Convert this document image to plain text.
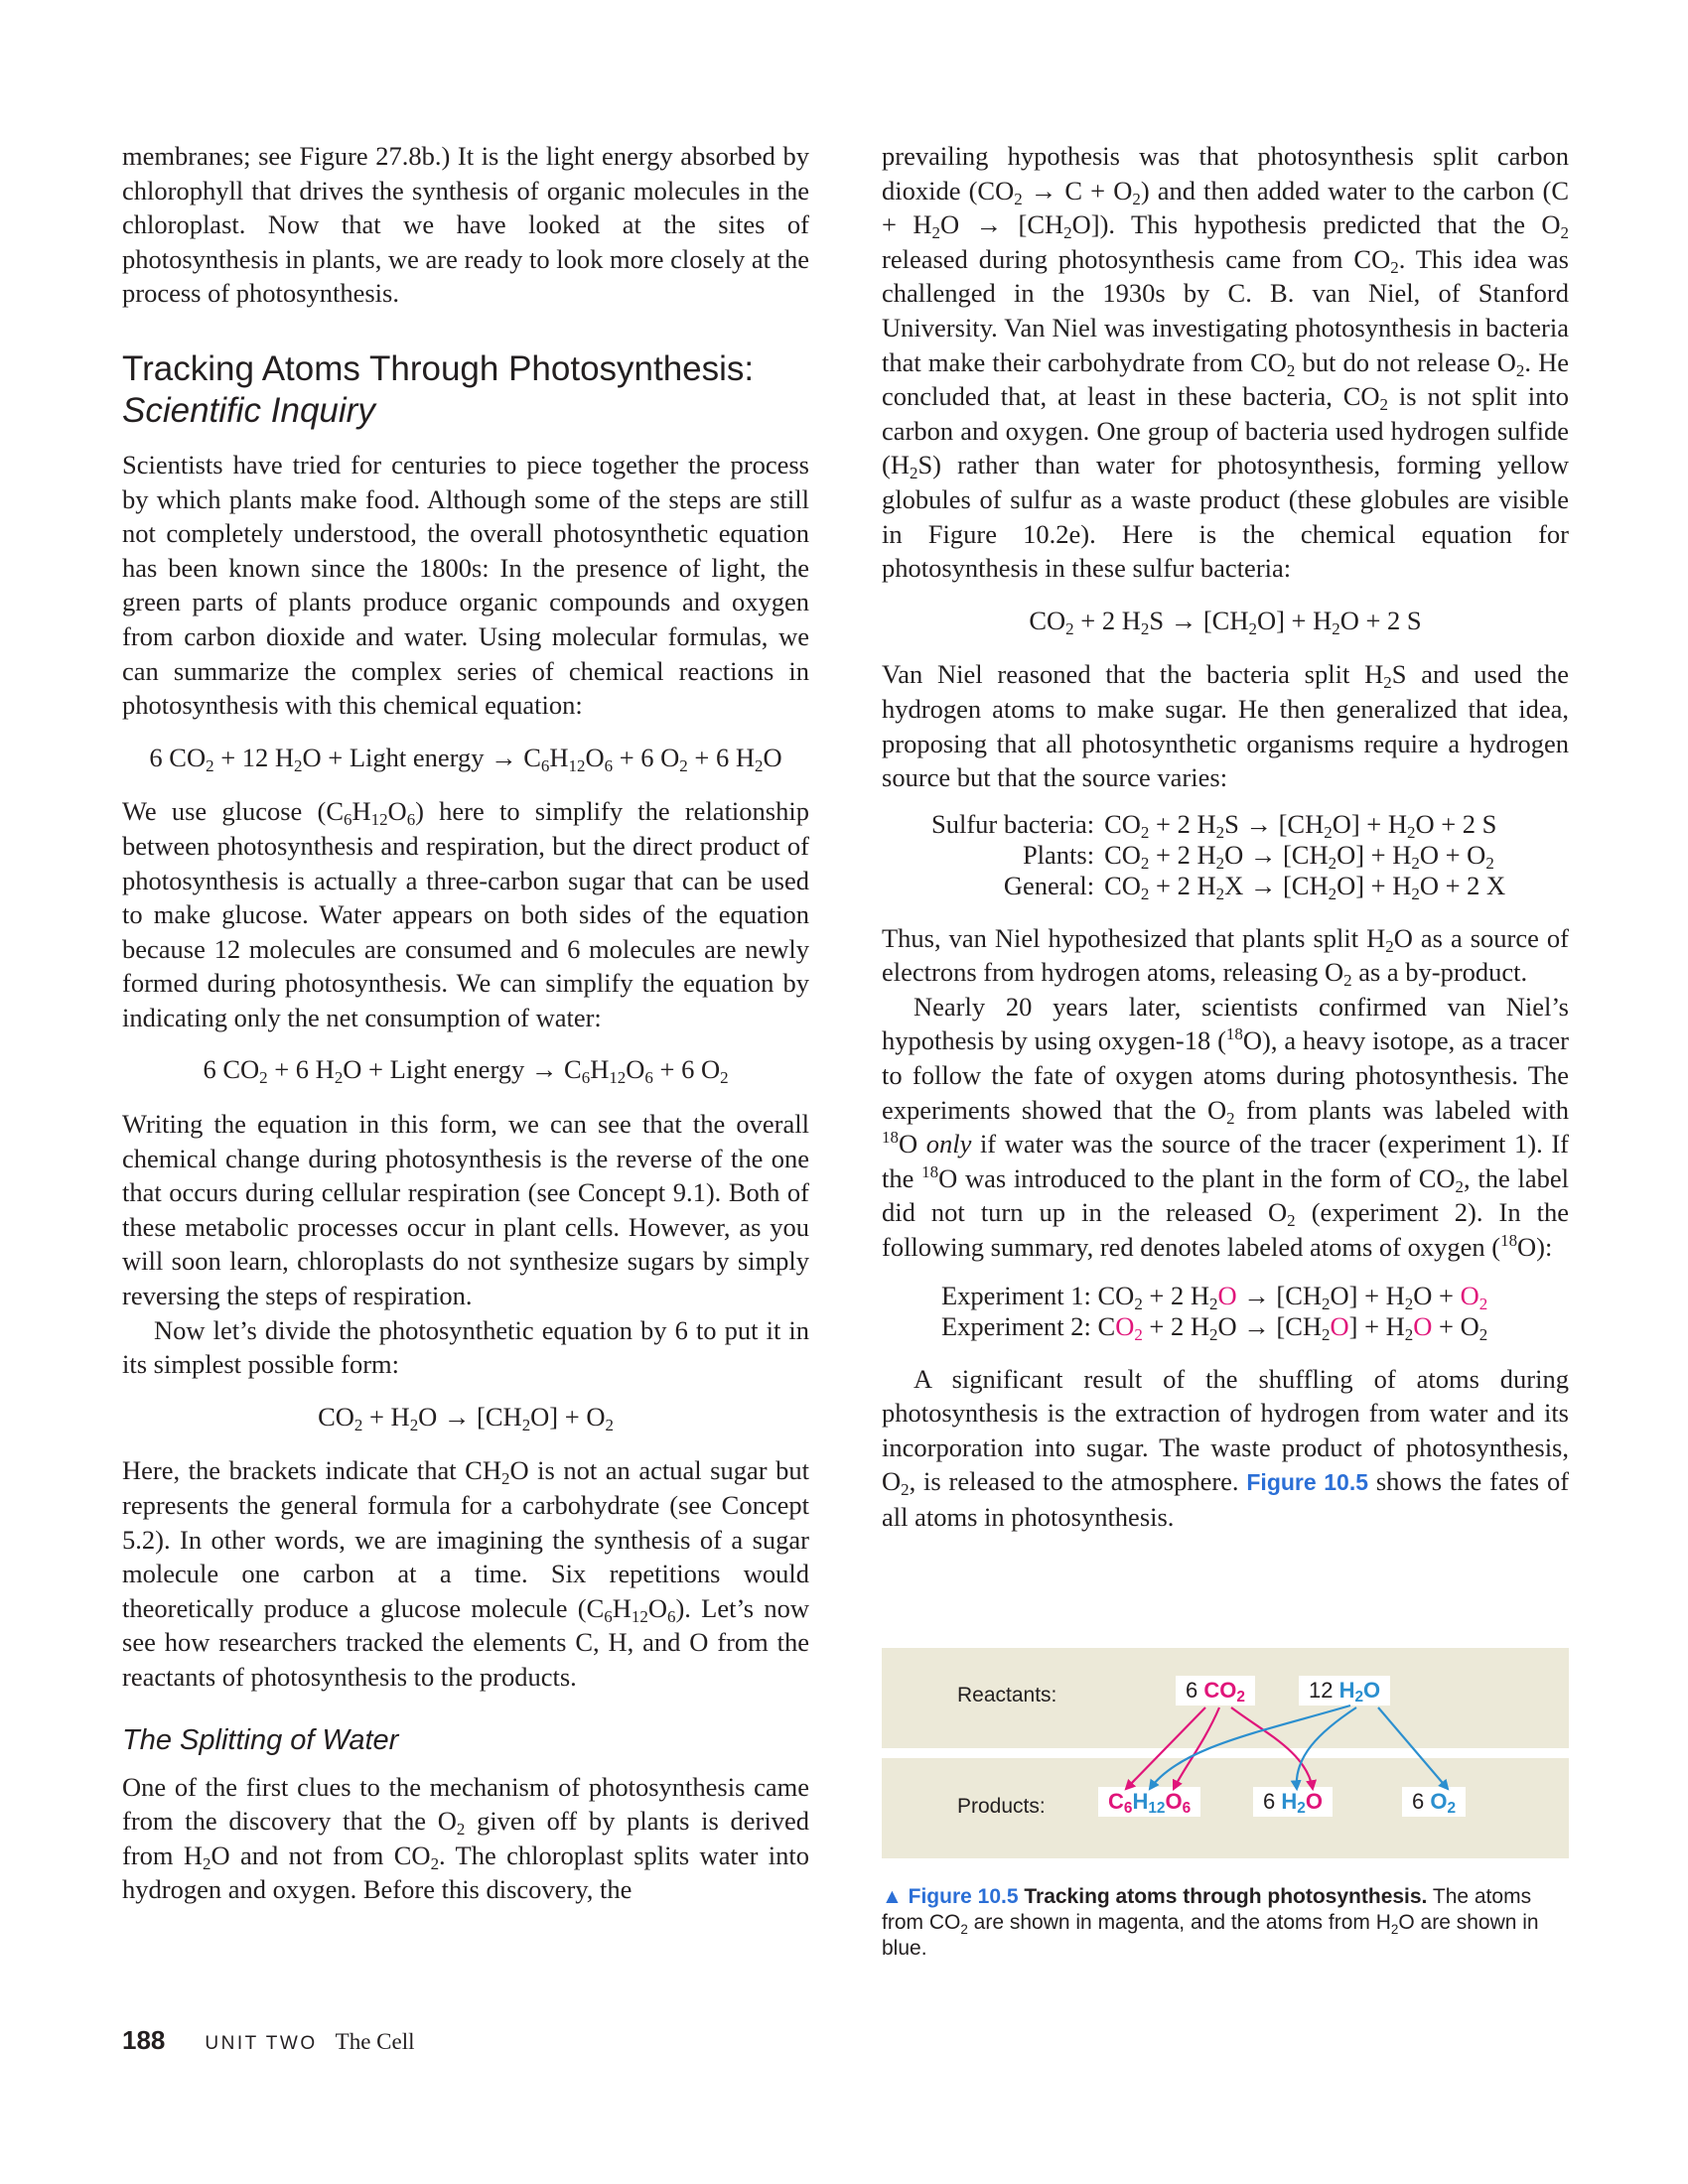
membranes; see Figure 27.8b.) It is the light energy absorbed by chlorophyll that drives the synthesis of organic molecules in the chloroplast. Now that we have looked at the sites of photosynthesis in plants, we are ready to look more closely at the process of photosynthesis.

Tracking Atoms Through Photosynthesis:
Scientific Inquiry

Scientists have tried for centuries to piece together the process by which plants make food. Although some of the steps are still not completely understood, the overall photosynthetic equation has been known since the 1800s: In the presence of light, the green parts of plants produce organic compounds and oxygen from carbon dioxide and water. Using molecular formulas, we can summarize the complex series of chemical reactions in photosynthesis with this chemical equation:

6 $CO_2 + 12$ $H_2O$ + Light energy → $C_6H_{12}O_6 + 6$ $O_2 + 6$ $H_2O$

We use glucose $(C_6H_{12}O_6)$ here to simplify the relationship between photosynthesis and respiration, but the direct product of photosynthesis is actually a three-carbon sugar that can be used to make glucose. Water appears on both sides of the equation because 12 molecules are consumed and 6 molecules are newly formed during photosynthesis. We can simplify the equation by indicating only the net consumption of water:

6 $CO_2 + 6$ $H_2O$ + Light energy → $C_6H_{12}O_6 + 6$ $O_2$

Writing the equation in this form, we can see that the overall chemical change during photosynthesis is the reverse of the one that occurs during cellular respiration (see Concept 9.1). Both of these metabolic processes occur in plant cells. However, as you will soon learn, chloroplasts do not synthesize sugars by simply reversing the steps of respiration.

Now let’s divide the photosynthetic equation by 6 to put it in its simplest possible form:

$CO_2 + H_2O \to [CH_2O] + O_2$

Here, the brackets indicate that $CH_2O$ is not an actual sugar but represents the general formula for a carbohydrate (see Concept 5.2). In other words, we are imagining the synthesis of a sugar molecule one carbon at a time. Six repetitions would theoretically produce a glucose molecule $(C_6H_{12}O_6)$. Let’s now see how researchers tracked the elements C, H, and O from the reactants of photosynthesis to the products.

The Splitting of Water

One of the first clues to the mechanism of photosynthesis came from the discovery that the $O_2$ given off by plants is derived from $H_2O$ and not from $CO_2$. The chloroplast splits water into hydrogen and oxygen. Before this discovery, the

prevailing hypothesis was that photosynthesis split carbon dioxide $(CO_2 \to C + O_2)$ and then added water to the carbon $(C + H_2O \to [CH_2O])$. This hypothesis predicted that the $O_2$ released during photosynthesis came from $CO_2$. This idea was challenged in the 1930s by C. B. van Niel, of Stanford University. Van Niel was investigating photosynthesis in bacteria that make their carbohydrate from $CO_2$ but do not release $O_2$. He concluded that, at least in these bacteria, $CO_2$ is not split into carbon and oxygen. One group of bacteria used hydrogen sulfide $(H_2S)$ rather than water for photosynthesis, forming yellow globules of sulfur as a waste product (these globules are visible in Figure 10.2e). Here is the chemical equation for photosynthesis in these sulfur bacteria:

$CO_2 + 2$ $H_2S \to [CH_2O] + H_2O + 2$ S

Van Niel reasoned that the bacteria split $H_2S$ and used the hydrogen atoms to make sugar. He then generalized that idea, proposing that all photosynthetic organisms require a hydrogen source but that the source varies:

Sulfur bacteria:	$CO_2 + 2$ $H_2S \to [CH_2O] + H_2O + 2$ S
Plants:	$CO_2 + 2$ $H_2O \to [CH_2O] + H_2O + O_2$
General:	$CO_2 + 2$ $H_2X \to [CH_2O] + H_2O + 2$ X

Thus, van Niel hypothesized that plants split $H_2O$ as a source of electrons from hydrogen atoms, releasing $O_2$ as a by-product.

Nearly 20 years later, scientists confirmed van Niel’s hypothesis by using oxygen-18 ($^{18}$O), a heavy isotope, as a tracer to follow the fate of oxygen atoms during photosynthesis. The experiments showed that the $O_2$ from plants was labeled with $^{18}$O only if water was the source of the tracer (experiment 1). If the $^{18}$O was introduced to the plant in the form of $CO_2$, the label did not turn up in the released $O_2$ (experiment 2). In the following summary, red denotes labeled atoms of oxygen ($^{18}$O):

Experiment 1: $CO_2 + 2$ $H_2O \to [CH_2O] + H_2O + O_2$
Experiment 2: $CO_2 + 2$ $H_2O \to [CH_2O] + H_2O + O_2$

A significant result of the shuffling of atoms during photosynthesis is the extraction of hydrogen from water and its incorporation into sugar. The waste product of photosynthesis, $O_2$, is released to the atmosphere. Figure 10.5 shows the fates of all atoms in photosynthesis.

Reactants:
Products:
6 $CO_2$	12 $H_2O$
$C_6H_{12}O_6$	6 $H_2O$	6 $O_2$
▲ Figure 10.5 Tracking atoms through photosynthesis. The atoms from $CO_2$ are shown in magenta, and the atoms from $H_2O$ are shown in blue.
188 UNIT TWO The Cell
